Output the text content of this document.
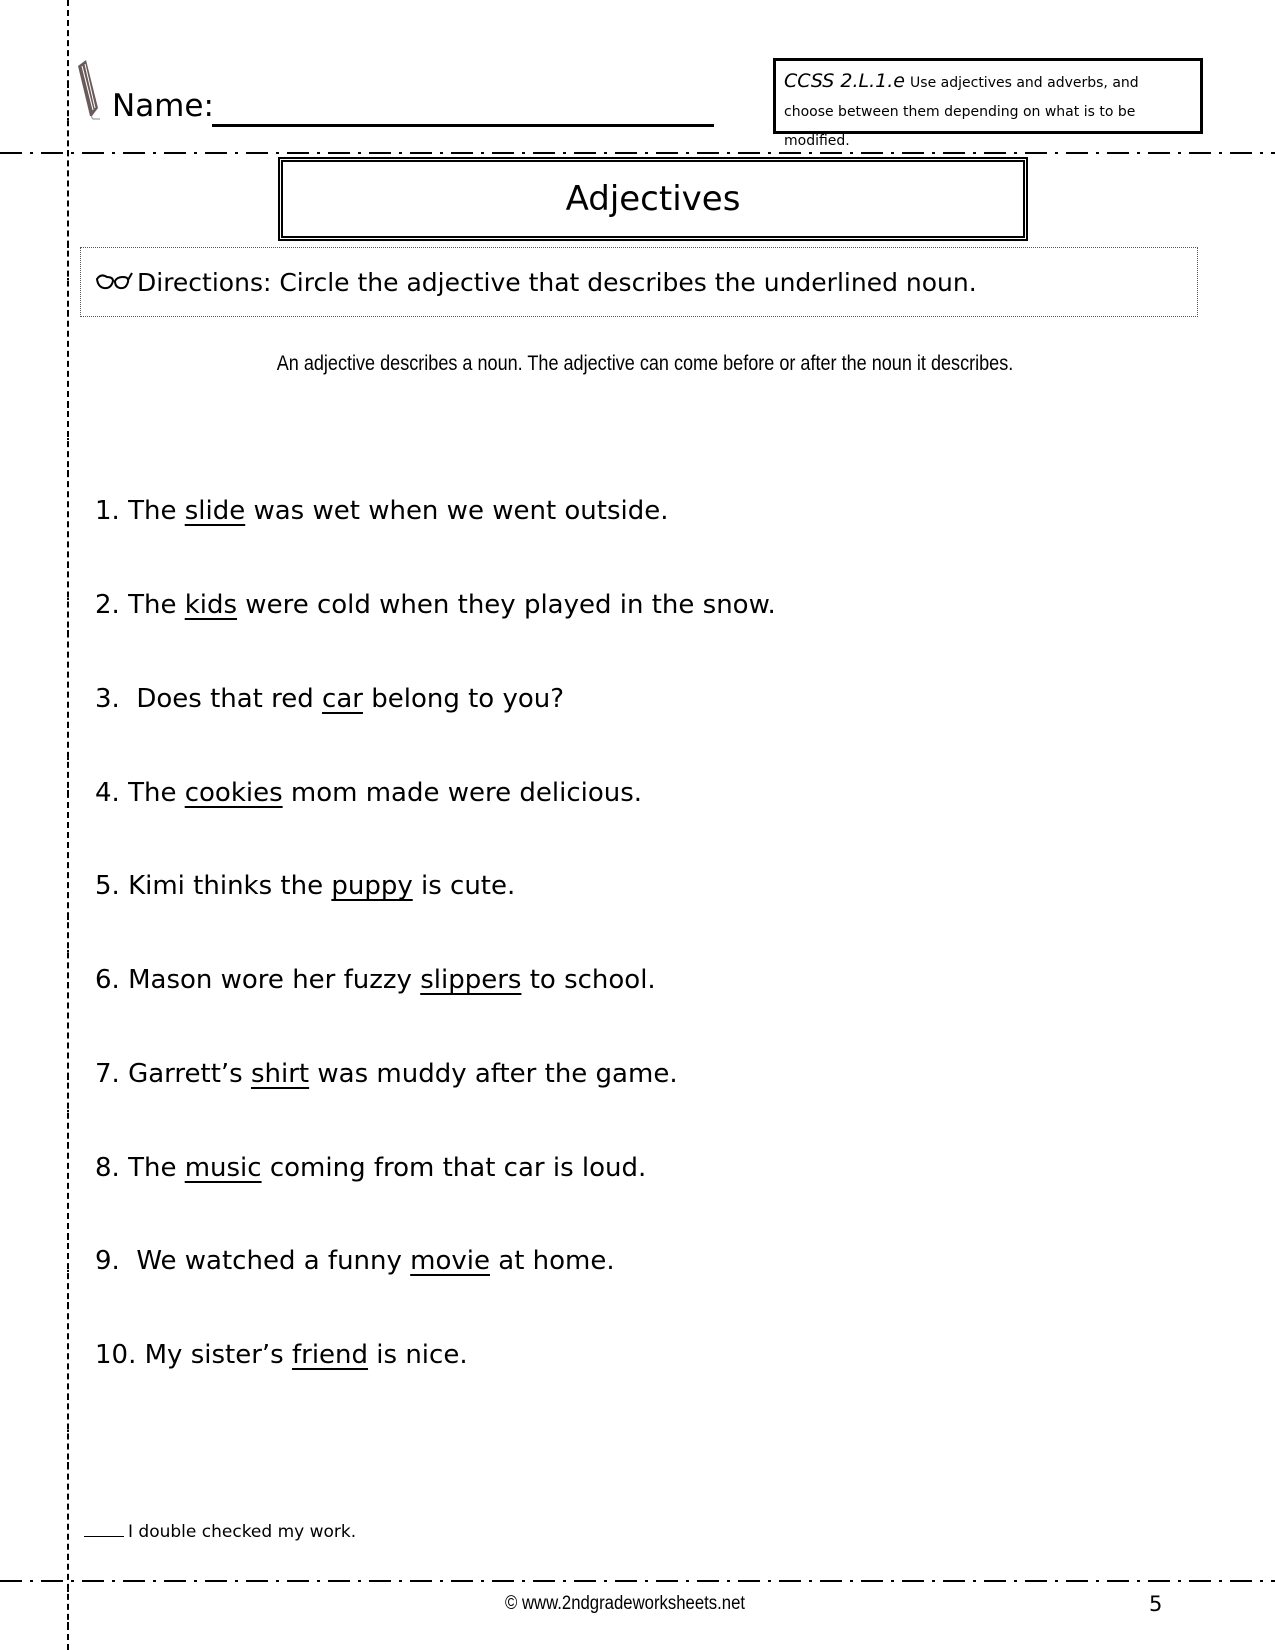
Name:
CCSS 2.L.1.e Use adjectives and adverbs, and choose between them depending on what is to be modified.
Adjectives
Directions: Circle the adjective that describes the underlined noun.
An adjective describes a noun. The adjective can come before or after the noun it describes.
1. The slide was wet when we went outside.
2. The kids were cold when they played in the snow.
3.  Does that red car belong to you?
4. The cookies mom made were delicious.
5. Kimi thinks the puppy is cute.
6. Mason wore her fuzzy slippers to school.
7. Garrett’s shirt was muddy after the game.
8. The music coming from that car is loud.
9.  We watched a funny movie at home.
10. My sister’s friend is nice.
I double checked my work.
© www.2ndgradeworksheets.net	5
